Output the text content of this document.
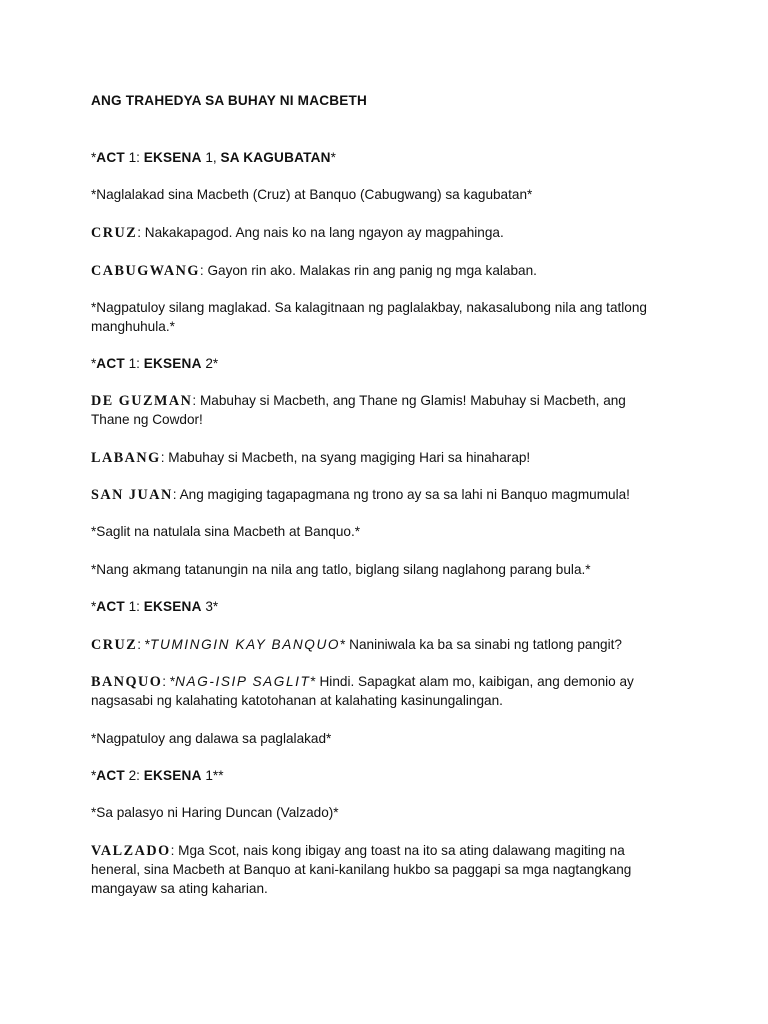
ANG TRAHEDYA SA BUHAY NI MACBETH

*ACT 1: EKSENA 1, SA KAGUBATAN*

*Naglalakad sina Macbeth (Cruz) at Banquo (Cabugwang) sa kagubatan*

CRUZ: Nakakapagod. Ang nais ko na lang ngayon ay magpahinga.

CABUGWANG: Gayon rin ako. Malakas rin ang panig ng mga kalaban.

*Nagpatuloy silang maglakad. Sa kalagitnaan ng paglalakbay, nakasalubong nila ang tatlong

manghuhula.*

*ACT 1: EKSENA 2*

DE GUZMAN: Mabuhay si Macbeth, ang Thane ng Glamis! Mabuhay si Macbeth, ang

Thane ng Cowdor!

LABANG: Mabuhay si Macbeth, na syang magiging Hari sa hinaharap!

SAN JUAN: Ang magiging tagapagmana ng trono ay sa sa lahi ni Banquo magmumula!

*Saglit na natulala sina Macbeth at Banquo.*

*Nang akmang tatanungin na nila ang tatlo, biglang silang naglahong parang bula.*

*ACT 1: EKSENA 3*

CRUZ: *TUMINGIN KAY BANQUO* Naniniwala ka ba sa sinabi ng tatlong pangit?

BANQUO: *NAG-ISIP SAGLIT* Hindi. Sapagkat alam mo, kaibigan, ang demonio ay

nagsasabi ng kalahating katotohanan at kalahating kasinungalingan.

*Nagpatuloy ang dalawa sa paglalakad*

*ACT 2: EKSENA 1**

*Sa palasyo ni Haring Duncan (Valzado)*

VALZADO: Mga Scot, nais kong ibigay ang toast na ito sa ating dalawang magiting na

heneral, sina Macbeth at Banquo at kani-kanilang hukbo sa paggapi sa mga nagtangkang

mangayaw sa ating kaharian.
